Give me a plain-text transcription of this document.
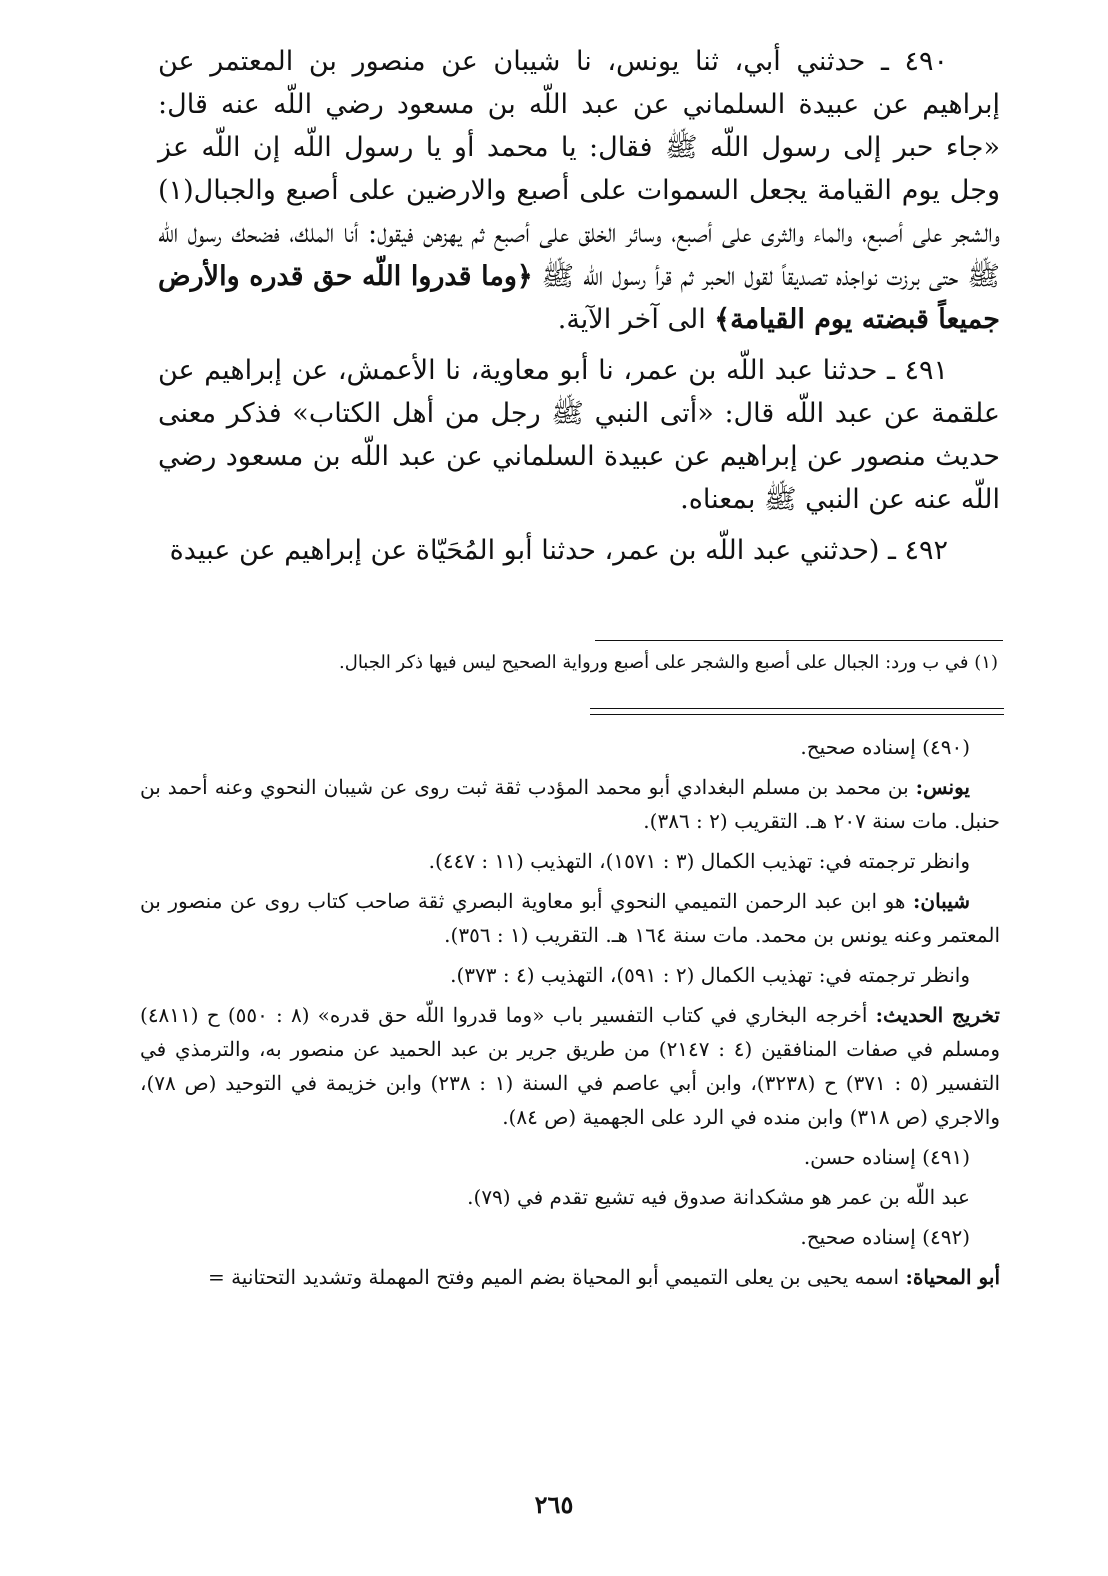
٤٩٠ ـ حدثني أبي، ثنا يونس، نا شيبان عن منصور بن المعتمر عن إبراهيم عن عبيدة السلماني عن عبد اللّه بن مسعود رضي اللّه عنه قال: «جاء حبر إلى رسول اللّه ﷺ فقال: يا محمد أو يا رسول اللّه إن اللّه عز وجل يوم القيامة يجعل السموات على أصبع والارضين على أصبع والجبال(١) والشجر على أصبع، والماء والثرى على أصبع، وسائر الخلق على أصبع ثم يهزهن فيقول: أنا الملك، فضحك رسول اللّه ﷺ حتى برزت نواجذه تصديقاً لقول الحبر ثم قرأ رسول اللّه ﷺ ﴿وما قدروا اللّه حق قدره والأرض جميعاً قبضته يوم القيامة﴾ الى آخر الآية.

٤٩١ ـ حدثنا عبد اللّه بن عمر، نا أبو معاوية، نا الأعمش، عن إبراهيم عن علقمة عن عبد اللّه قال: «أتى النبي ﷺ رجل من أهل الكتاب» فذكر معنى حديث منصور عن إبراهيم عن عبيدة السلماني عن عبد اللّه بن مسعود رضي اللّه عنه عن النبي ﷺ بمعناه.

٤٩٢ ـ (حدثني عبد اللّه بن عمر، حدثنا أبو المُحَيّاة عن إبراهيم عن عبيدة

(١) في ب ورد: الجبال على أصبع والشجر على أصبع ورواية الصحيح ليس فيها ذكر الجبال.

(٤٩٠) إسناده صحيح.

يونس: بن محمد بن مسلم البغدادي أبو محمد المؤدب ثقة ثبت روى عن شيبان النحوي وعنه أحمد بن حنبل. مات سنة ٢٠٧ هـ. التقريب (٢ : ٣٨٦).

وانظر ترجمته في: تهذيب الكمال (٣ : ١٥٧١)، التهذيب (١١ : ٤٤٧).

شيبان: هو ابن عبد الرحمن التميمي النحوي أبو معاوية البصري ثقة صاحب كتاب روى عن منصور بن المعتمر وعنه يونس بن محمد. مات سنة ١٦٤ هـ. التقريب (١ : ٣٥٦).

وانظر ترجمته في: تهذيب الكمال (٢ : ٥٩١)، التهذيب (٤ : ٣٧٣).

تخريج الحديث: أخرجه البخاري في كتاب التفسير باب «وما قدروا اللّه حق قدره» (٨ : ٥٥٠) ح (٤٨١١) ومسلم في صفات المنافقين (٤ : ٢١٤٧) من طريق جرير بن عبد الحميد عن منصور به، والترمذي في التفسير (٥ : ٣٧١) ح (٣٢٣٨)، وابن أبي عاصم في السنة (١ : ٢٣٨) وابن خزيمة في التوحيد (ص ٧٨)، والاجري (ص ٣١٨) وابن منده في الرد على الجهمية (ص ٨٤).

(٤٩١) إسناده حسن.

عبد اللّه بن عمر هو مشكدانة صدوق فيه تشيع تقدم في (٧٩).

(٤٩٢) إسناده صحيح.

أبو المحياة: اسمه يحيى بن يعلى التميمي أبو المحياة بضم الميم وفتح المهملة وتشديد التحتانية =

٢٦٥
